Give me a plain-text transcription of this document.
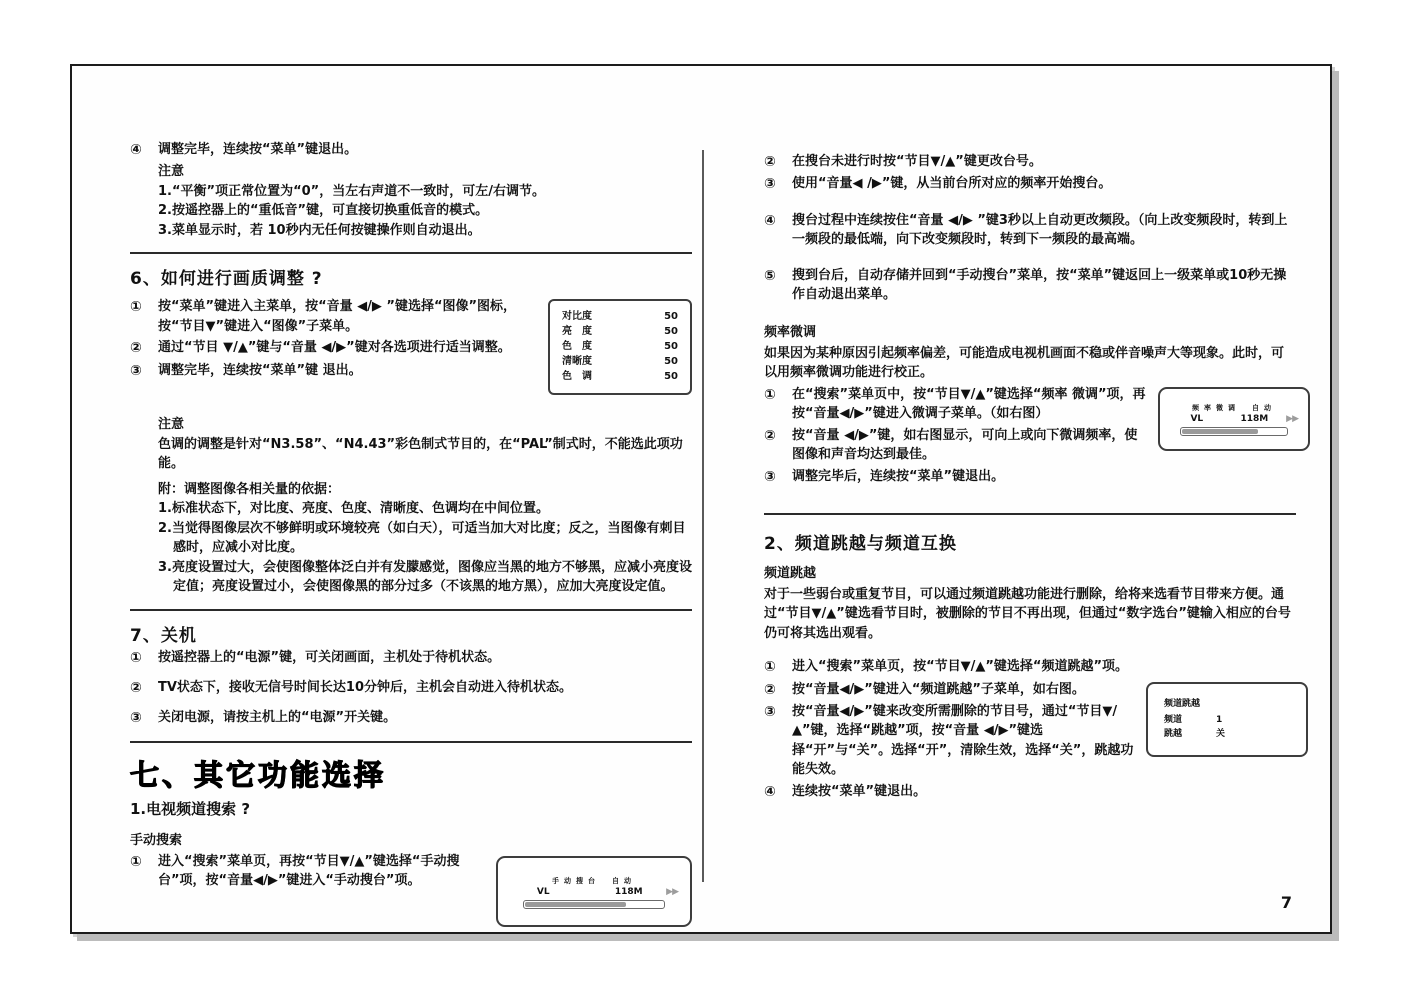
④	调整完毕，连续按“菜单”键退出。
注意
1.“平衡”项正常位置为“0”，当左右声道不一致时，可左/右调节。
2.按遥控器上的“重低音”键，可直接切换重低音的模式。
3.菜单显示时，若 10秒内无任何按键操作则自动退出。
6、如何进行画质调整 ?
对比度	50
亮　度	50
色　度	50
清晰度	50
色　调	50
①	按“菜单”键进入主菜单，按“音量 ◀/▶ ”键选择“图像”图标，按“节目▼”键进入“图像”子菜单。
②	通过“节目 ▼/▲”键与“音量 ◀/▶”键对各选项进行适当调整。
③	调整完毕，连续按“菜单”键 退出。
注意
色调的调整是针对“N3.58”、“N4.43”彩色制式节目的，在“PAL”制式时，不能选此项功能。
附：调整图像各相关量的依据：
1.标准状态下，对比度、亮度、色度、清晰度、色调均在中间位置。
2.当觉得图像层次不够鲜明或环境较亮（如白天），可适当加大对比度；反之，当图像有刺目感时，应减小对比度。
3.亮度设置过大，会使图像整体泛白并有发朦感觉，图像应当黑的地方不够黑，应减小亮度设定值；亮度设置过小，会使图像黑的部分过多（不该黑的地方黑），应加大亮度设定值。
7、关机
①	按遥控器上的“电源”键，可关闭画面，主机处于待机状态。
②	TV状态下，接收无信号时间长达10分钟后，主机会自动进入待机状态。
③	关闭电源，请按主机上的“电源”开关键。
七、其它功能选择
1.电视频道搜索 ?
手动搜索
手动搜台　自动
VL	118M	▶▶
①	进入“搜索”菜单页，再按“节目▼/▲”键选择“手动搜台”项，按“音量◀/▶”键进入“手动搜台”项。
②	在搜台未进行时按“节目▼/▲”键更改台号。
③	使用“音量◀ /▶”键，从当前台所对应的频率开始搜台。
④	搜台过程中连续按住“音量 ◀/▶ ”键3秒以上自动更改频段。（向上改变频段时，转到上一频段的最低端，向下改变频段时，转到下一频段的最高端。
⑤	搜到台后，自动存储并回到“手动搜台”菜单，按“菜单”键返回上一级菜单或10秒无操作自动退出菜单。
频率微调
如果因为某种原因引起频率偏差，可能造成电视机画面不稳或伴音噪声大等现象。此时，可以用频率微调功能进行校正。
频率微调　自动
VL	118M ▶▶
①	在“搜索”菜单页中，按“节目▼/▲”键选择“频率 微调”项，再按“音量◀/▶”键进入微调子菜单。（如右图）
②	按“音量 ◀/▶”键，如右图显示，可向上或向下微调频率，使图像和声音均达到最佳。
③	调整完毕后，连续按“菜单”键退出。
2、频道跳越与频道互换
频道跳越
对于一些弱台或重复节目，可以通过频道跳越功能进行删除，给将来选看节目带来方便。通过“节目▼/▲”键选看节目时，被删除的节目不再出现，但通过“数字选台”键输入相应的台号仍可将其选出观看。
①	进入“搜索”菜单页，按“节目▼/▲”键选择“频道跳越”项。
频道跳越
频道	1
跳越	关
②	按“音量◀/▶”键进入“频道跳越”子菜单，如右图。
③	按“音量◀/▶”键来改变所需删除的节目号，通过“节目▼/▲”键，选择“跳越”项，按“音量 ◀/▶”键选择“开”与“关”。选择“开”，清除生效，选择“关”，跳越功能失效。
④	连续按“菜单”键退出。
7
